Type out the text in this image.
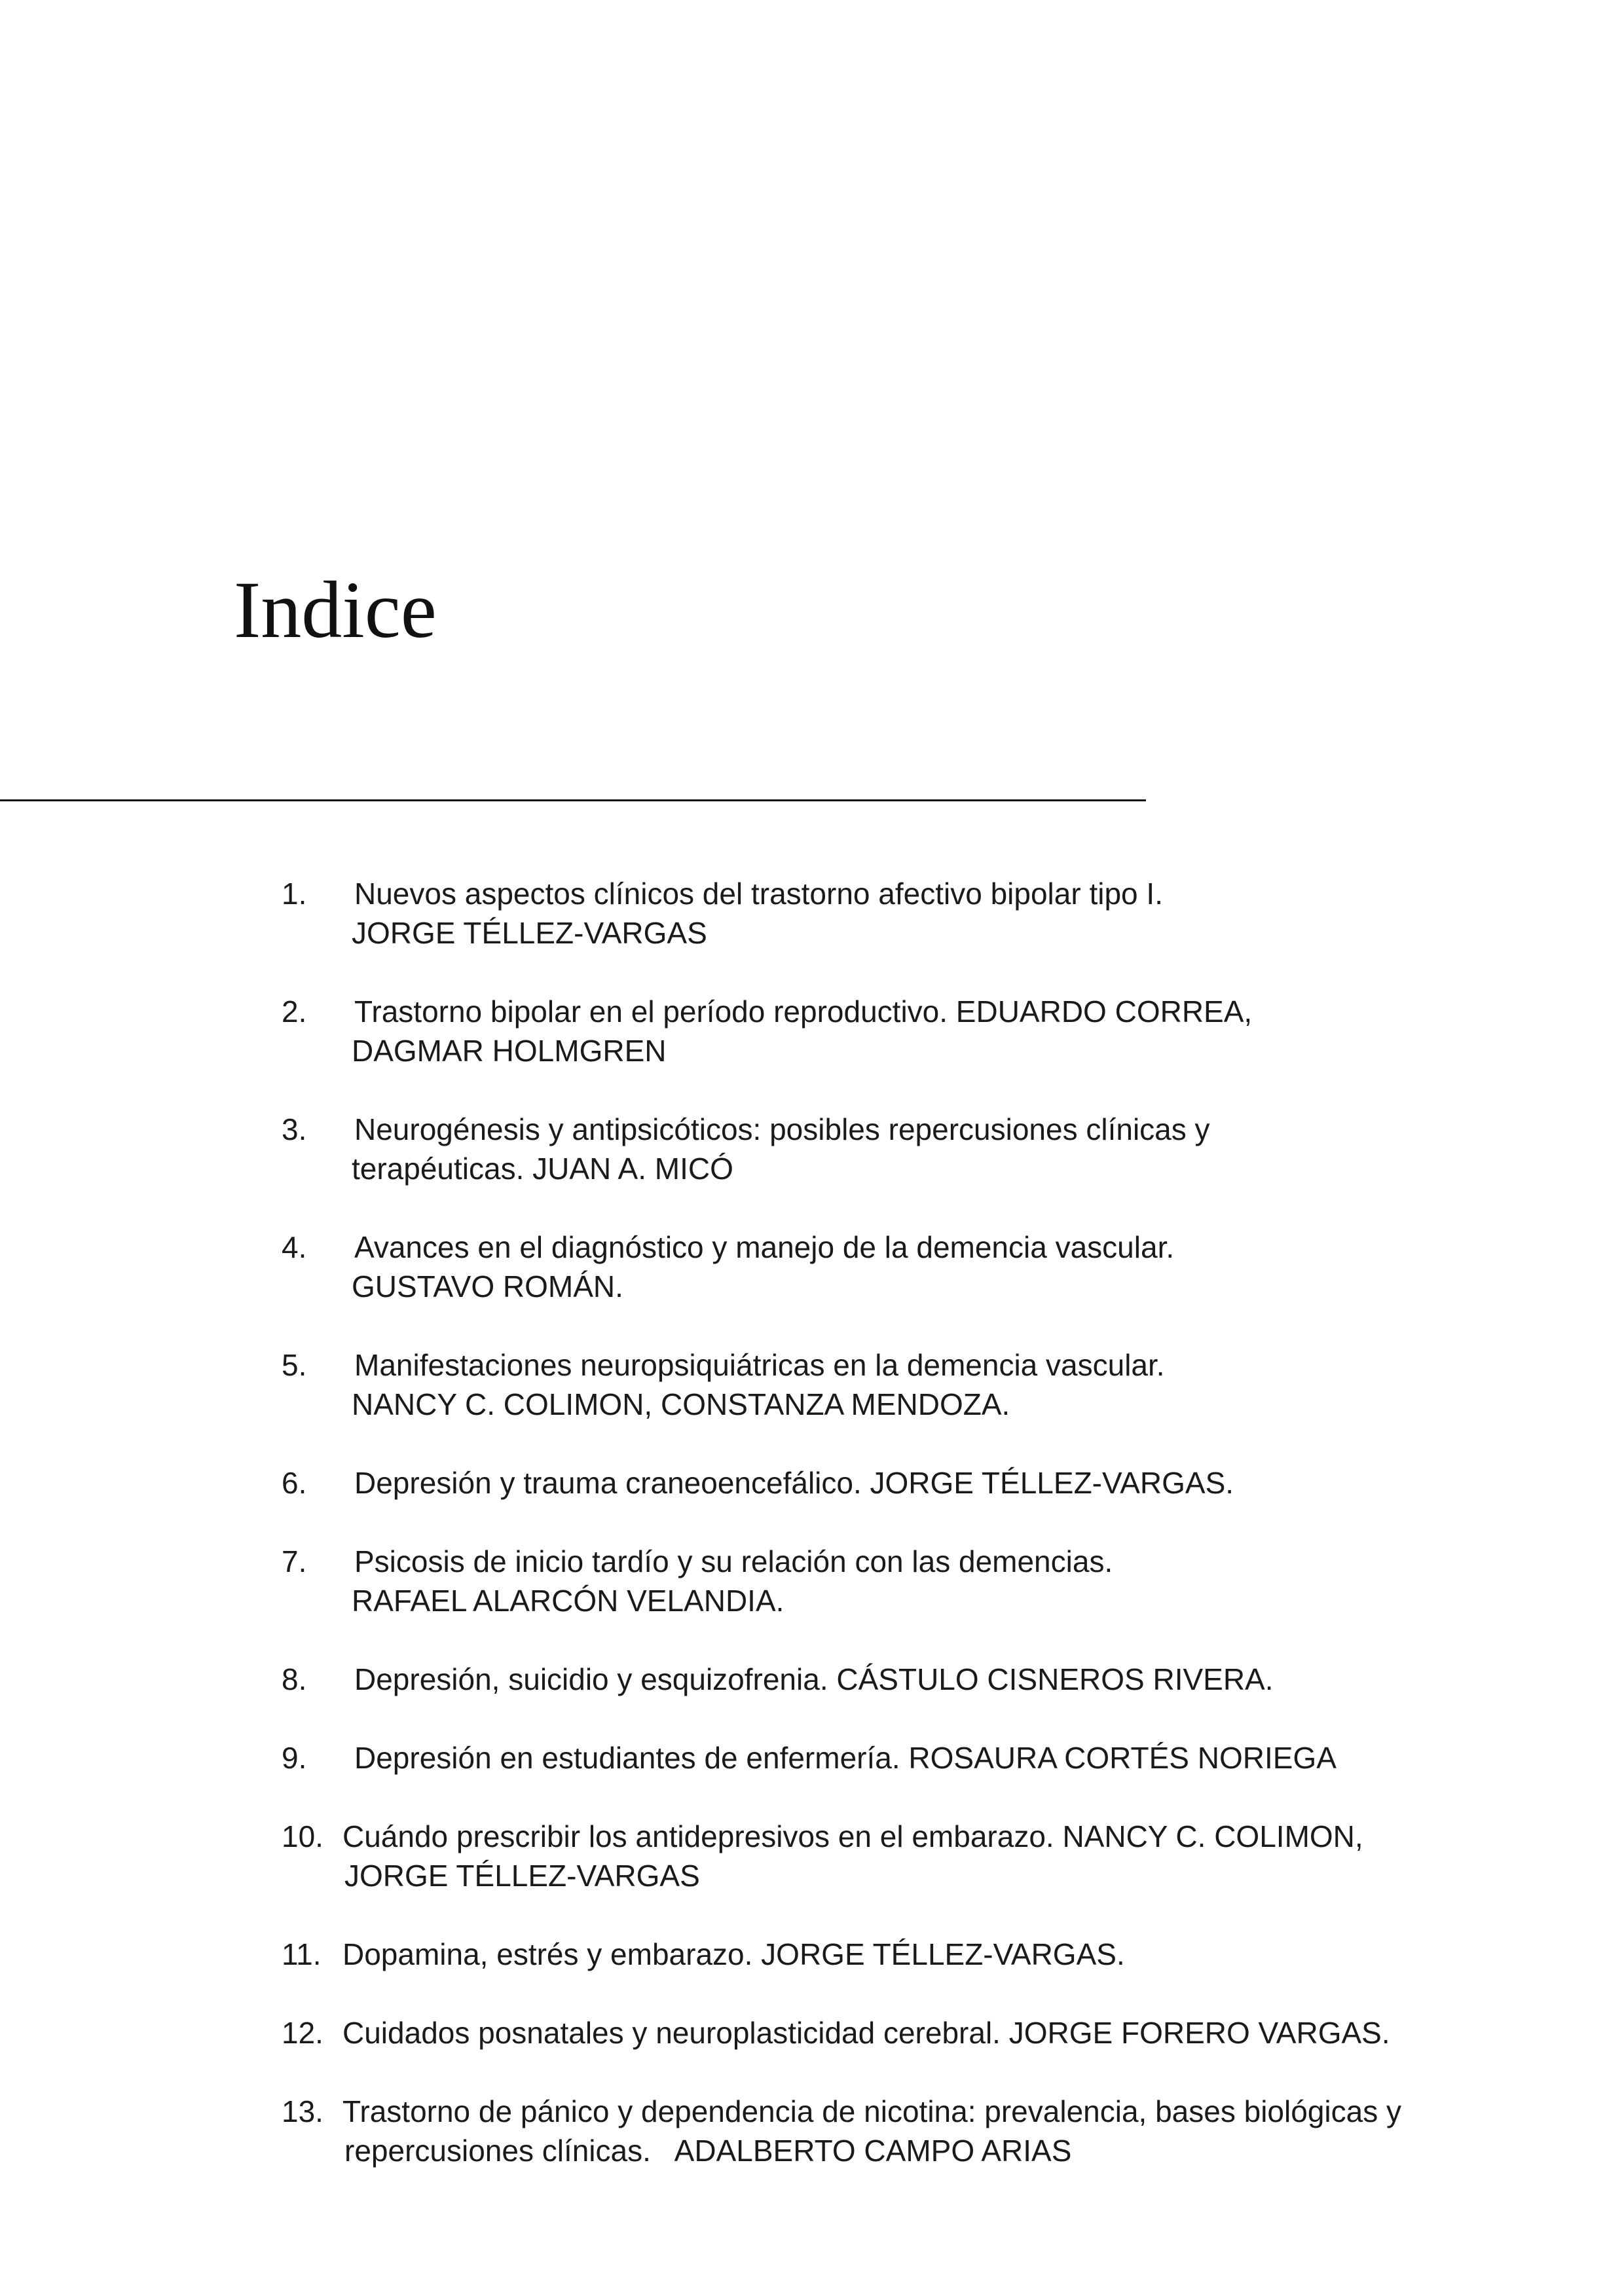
Indice
1. Nuevos aspectos clínicos del trastorno afectivo bipolar tipo I.
JORGE TÉLLEZ-VARGAS
2. Trastorno bipolar en el período reproductivo. EDUARDO CORREA,
DAGMAR HOLMGREN
3. Neurogénesis y antipsicóticos: posibles repercusiones clínicas y
terapéuticas. JUAN A. MICÓ
4. Avances en el diagnóstico y manejo de la demencia vascular.
GUSTAVO ROMÁN.
5. Manifestaciones neuropsiquiátricas en la demencia vascular.
NANCY C. COLIMON, CONSTANZA MENDOZA.
6. Depresión y trauma craneoencefálico. JORGE TÉLLEZ-VARGAS.
7. Psicosis de inicio tardío y su relación con las demencias.
RAFAEL ALARCÓN VELANDIA.
8. Depresión, suicidio y esquizofrenia. CÁSTULO CISNEROS RIVERA.
9. Depresión en estudiantes de enfermería. ROSAURA CORTÉS NORIEGA
10. Cuándo prescribir los antidepresivos en el embarazo. NANCY C. COLIMON,
JORGE TÉLLEZ-VARGAS
11. Dopamina, estrés y embarazo. JORGE TÉLLEZ-VARGAS.
12. Cuidados posnatales y neuroplasticidad cerebral. JORGE FORERO VARGAS.
13. Trastorno de pánico y dependencia de nicotina: prevalencia, bases biológicas y
repercusiones clínicas.   ADALBERTO CAMPO ARIAS
